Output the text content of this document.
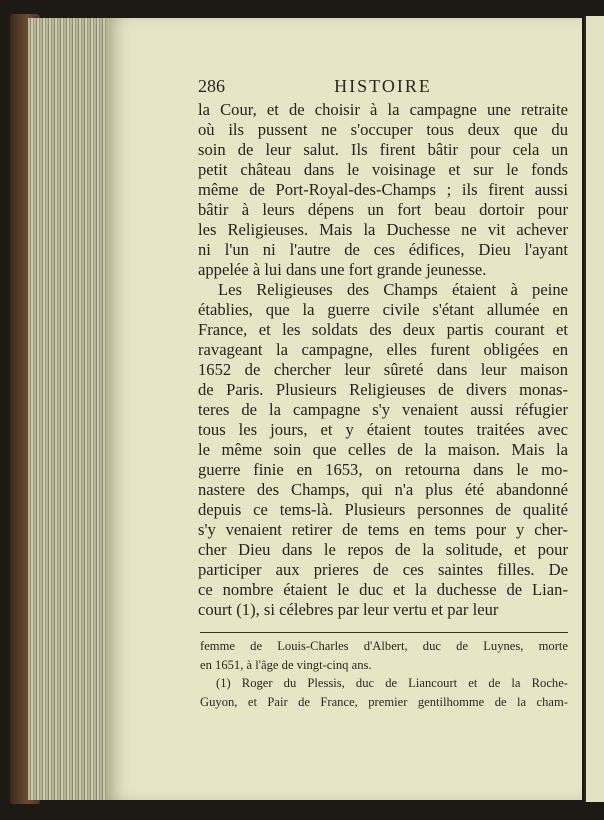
286	HISTOIRE
la Cour, et de choisir à la campagne une retraite
où ils pussent ne s'occuper tous deux que du
soin de leur salut. Ils firent bâtir pour cela un
petit château dans le voisinage et sur le fonds
même de Port-Royal-des-Champs ; ils firent aussi
bâtir à leurs dépens un fort beau dortoir pour
les Religieuses. Mais la Duchesse ne vit achever
ni l'un ni l'autre de ces édifices, Dieu l'ayant
appelée à lui dans une fort grande jeunesse.
Les Religieuses des Champs étaient à peine
établies, que la guerre civile s'étant allumée en
France, et les soldats des deux partis courant et
ravageant la campagne, elles furent obligées en
1652 de chercher leur sûreté dans leur maison
de Paris. Plusieurs Religieuses de divers monas-
teres de la campagne s'y venaient aussi réfugier
tous les jours, et y étaient toutes traitées avec
le même soin que celles de la maison. Mais la
guerre finie en 1653, on retourna dans le mo-
nastere des Champs, qui n'a plus été abandonné
depuis ce tems-là. Plusieurs personnes de qualité
s'y venaient retirer de tems en tems pour y cher-
cher Dieu dans le repos de la solitude, et pour
participer aux prieres de ces saintes filles. De
ce nombre étaient le duc et la duchesse de Lian-
court (1), si célebres par leur vertu et par leur
femme de Louis-Charles d'Albert, duc de Luynes, morte
en 1651, à l'âge de vingt-cinq ans.
(1) Roger du Plessis, duc de Liancourt et de la Roche-
Guyon, et Pair de France, premier gentilhomme de la cham-
